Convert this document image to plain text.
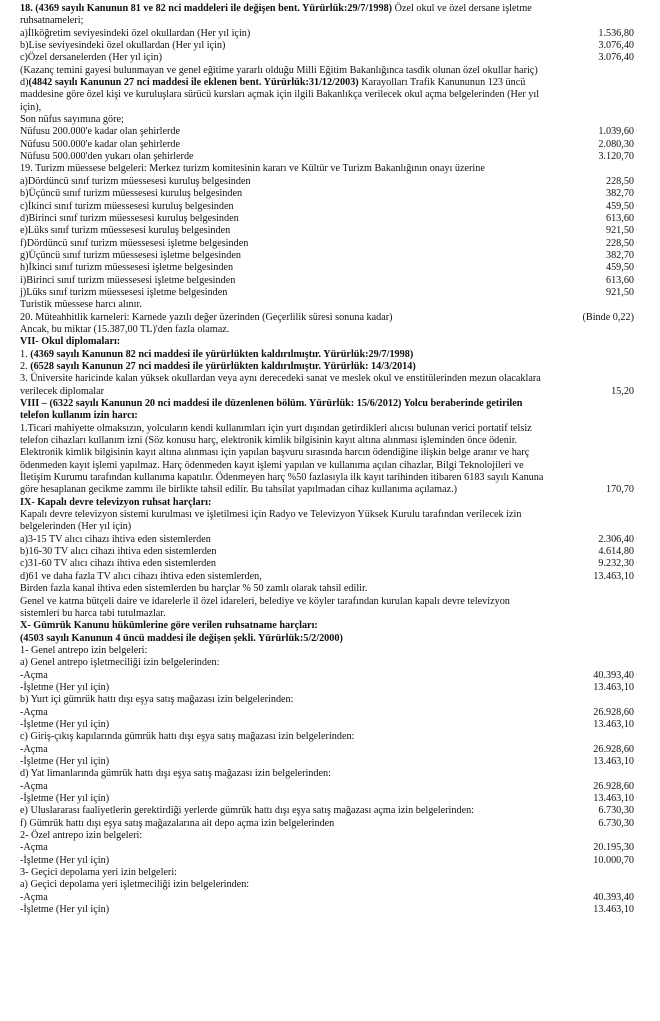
18. (4369 sayılı Kanunun 81 ve 82 nci maddeleri ile değişen bent. Yürürlük:29/7/1998) Özel okul ve özel dersane işletme
ruhsatnameleri;
a)İlköğretim seviyesindeki özel okullardan (Her yıl için)	1.536,80
b)Lise seviyesindeki özel okullardan (Her yıl için)	3.076,40
c)Özel dersanelerden (Her yıl için)	3.076,40
(Kazanç temini gayesi bulunmayan ve genel eğitime yararlı olduğu Milli Eğitim Bakanlığınca tasdik olunan özel okullar hariç)
d)(4842 sayılı Kanunun 27 nci maddesi ile eklenen bent. Yürürlük:31/12/2003) Karayolları Trafik Kanununun 123 üncü
maddesine göre özel kişi ve kuruluşlara sürücü kursları açmak için ilgili Bakanlıkça verilecek okul açma belgelerinden (Her yıl
için),
Son nüfus sayımına göre;
Nüfusu 200.000'e kadar olan şehirlerde	1.039,60
Nüfusu 500.000'e kadar olan şehirlerde	2.080,30
Nüfusu 500.000'den yukarı olan şehirlerde	3.120,70
19. Turizm müessese belgeleri: Merkez turizm komitesinin kararı ve Kültür ve Turizm Bakanlığının onayı üzerine
a)Dördüncü sınıf turizm müessesesi kuruluş belgesinden	228,50
b)Üçüncü sınıf turizm müessesesi kuruluş belgesinden	382,70
c)İkinci sınıf turizm müessesesi kuruluş belgesinden	459,50
d)Birinci sınıf turizm müessesesi kuruluş belgesinden	613,60
e)Lüks sınıf turizm müessesesi kuruluş belgesinden	921,50
f)Dördüncü sınıf turizm müessesesi işletme belgesinden	228,50
g)Üçüncü sınıf turizm müessesesi işletme belgesinden	382,70
h)İkinci sınıf turizm müessesesi işletme belgesinden	459,50
i)Birinci sınıf turizm müessesesi işletme belgesinden	613,60
j)Lüks sınıf turizm müessesesi işletme belgesinden	921,50
Turistik müessese harcı alınır.
20. Müteahhitlik karneleri: Karnede yazılı değer üzerinden (Geçerlilik süresi sonuna kadar)	(Binde 0,22)
Ancak, bu miktar (15.387,00 TL)'den fazla olamaz.
VII- Okul diplomaları:
1. (4369 sayılı Kanunun 82 nci maddesi ile yürürlükten kaldırılmıştır. Yürürlük:29/7/1998)
2. (6528 sayılı Kanunun 27 nci maddesi ile yürürlükten kaldırılmıştır. Yürürlük: 14/3/2014)
3. Üniversite haricinde kalan yüksek okullardan veya aynı derecedeki sanat ve meslek okul ve enstitülerinden mezun olacaklara
verilecek diplomalar	15,20
VIII – (6322 sayılı Kanunun 20 nci maddesi ile düzenlenen bölüm. Yürürlük: 15/6/2012) Yolcu beraberinde getirilen
telefon kullanım izin harcı:
1.Ticari mahiyette olmaksızın, yolcuların kendi kullanımları için yurt dışından getirdikleri alıcısı bulunan verici portatif telsiz
telefon cihazları kullanım izni (Söz konusu harç, elektronik kimlik bilgisinin kayıt altına alınması işleminden önce ödenir.
Elektronik kimlik bilgisinin kayıt altına alınması için yapılan başvuru sırasında harcın ödendiğine ilişkin belge aranır ve harç
ödenmeden kayıt işlemi yapılmaz. Harç ödenmeden kayıt işlemi yapılan ve kullanıma açılan cihazlar, Bilgi Teknolojileri ve
İletişim Kurumu tarafından kullanıma kapatılır. Ödenmeyen harç %50 fazlasıyla ilk kayıt tarihinden itibaren 6183 sayılı Kanuna
göre hesaplanan gecikme zammı ile birlikte tahsil edilir. Bu tahsilat yapılmadan cihaz kullanıma açılamaz.)	170,70
IX- Kapalı devre televizyon ruhsat harçları:
Kapalı devre televizyon sistemi kurulması ve işletilmesi için Radyo ve Televizyon Yüksek Kurulu tarafından verilecek izin
belgelerinden (Her yıl için)
a)3-15 TV alıcı cihazı ihtiva eden sistemlerden	2.306,40
b)16-30 TV alıcı cihazı ihtiva eden sistemlerden	4.614,80
c)31-60 TV alıcı cihazı ihtiva eden sistemlerden	9.232,30
d)61 ve daha fazla TV alıcı cihazı ihtiva eden sistemlerden,	13.463,10
Birden fazla kanal ihtiva eden sistemlerden bu harçlar % 50 zamlı olarak tahsil edilir.
Genel ve katma bütçeli daire ve idarelerle il özel idareleri, belediye ve köyler tarafından kurulan kapalı devre televizyon
sistemleri bu harca tabi tutulmazlar.
X- Gümrük Kanunu hükümlerine göre verilen ruhsatname harçları:
(4503 sayılı Kanunun 4 üncü maddesi ile değişen şekli. Yürürlük:5/2/2000)
1- Genel antrepo izin belgeleri:
a) Genel antrepo işletmeciliği izin belgelerinden:
-Açma	40.393,40
-İşletme (Her yıl için)	13.463,10
b) Yurt içi gümrük hattı dışı eşya satış mağazası izin belgelerinden:
-Açma	26.928,60
-İşletme (Her yıl için)	13.463,10
c) Giriş-çıkış kapılarında gümrük hattı dışı eşya satış mağazası izin belgelerinden:
-Açma	26.928,60
-İşletme (Her yıl için)	13.463,10
d) Yat limanlarında gümrük hattı dışı eşya satış mağazası izin belgelerinden:
-Açma	26.928,60
-İşletme (Her yıl için)	13.463,10
e) Uluslararası faaliyetlerin gerektirdiği yerlerde gümrük hattı dışı eşya satış mağazası açma izin belgelerinden:	6.730,30
f) Gümrük hattı dışı eşya satış mağazalarına ait depo açma izin belgelerinden	6.730,30
2- Özel antrepo izin belgeleri:
-Açma	20.195,30
-İşletme (Her yıl için)	10.000,70
3- Geçici depolama yeri izin belgeleri:
a) Geçici depolama yeri işletmeciliği izin belgelerinden:
-Açma	40.393,40
-İşletme (Her yıl için)	13.463,10
